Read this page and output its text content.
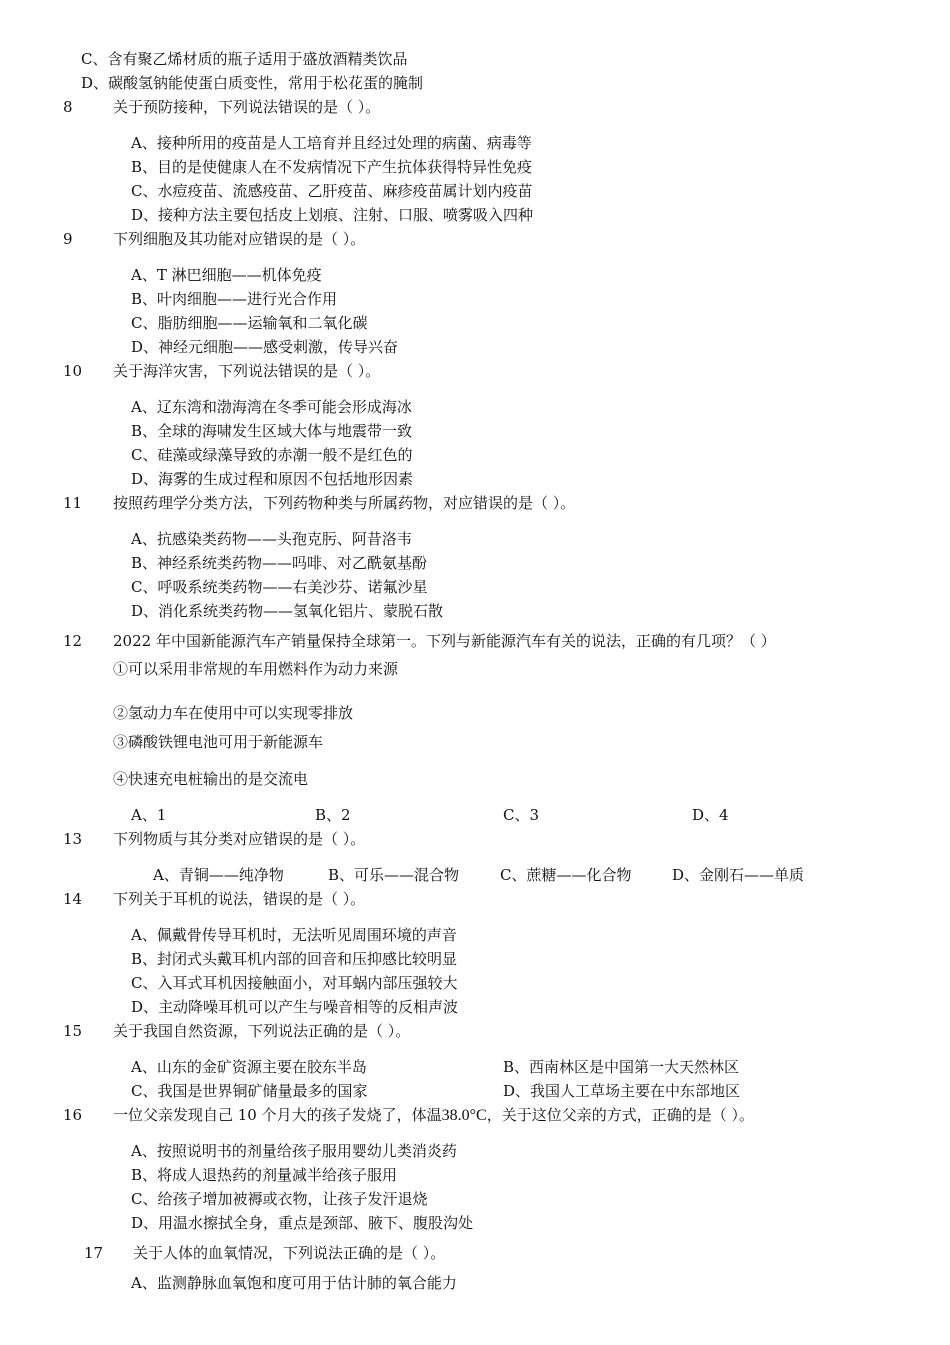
C、含有聚乙烯材质的瓶子适用于盛放酒精类饮品
D、碳酸氢钠能使蛋白质变性，常用于松花蛋的腌制
8	关于预防接种，下列说法错误的是（ ）。
A、接种所用的疫苗是人工培育并且经过处理的病菌、病毒等
B、目的是使健康人在不发病情况下产生抗体获得特异性免疫
C、水痘疫苗、流感疫苗、乙肝疫苗、麻疹疫苗属计划内疫苗
D、接种方法主要包括皮上划痕、注射、口服、喷雾吸入四种
9	下列细胞及其功能对应错误的是（ ）。
A、T 淋巴细胞——机体免疫
B、叶肉细胞——进行光合作用
C、脂肪细胞——运输氧和二氧化碳
D、神经元细胞——感受刺激，传导兴奋
10 关于海洋灾害，下列说法错误的是（ ）。
A、辽东湾和渤海湾在冬季可能会形成海冰
B、全球的海啸发生区域大体与地震带一致
C、硅藻或绿藻导致的赤潮一般不是红色的
D、海雾的生成过程和原因不包括地形因素
11 按照药理学分类方法，下列药物种类与所属药物，对应错误的是（ ）。
A、抗感染类药物——头孢克肟、阿昔洛韦
B、神经系统类药物——吗啡、对乙酰氨基酚
C、呼吸系统类药物——右美沙芬、诺氟沙星
D、消化系统类药物——氢氧化铝片、蒙脱石散
12 2022 年中国新能源汽车产销量保持全球第一。下列与新能源汽车有关的说法，正确的有几项？（ ）
①可以采用非常规的车用燃料作为动力来源
②氢动力车在使用中可以实现零排放
③磷酸铁锂电池可用于新能源车
④快速充电桩输出的是交流电
A、1	B、2	C、3	D、4
13 下列物质与其分类对应错误的是（ ）。
A、青铜——纯净物	B、可乐——混合物	C、蔗糖——化合物	D、金刚石——单质
14 下列关于耳机的说法，错误的是（ ）。
A、佩戴骨传导耳机时，无法听见周围环境的声音
B、封闭式头戴耳机内部的回音和压抑感比较明显
C、入耳式耳机因接触面小，对耳蜗内部压强较大
D、主动降噪耳机可以产生与噪音相等的反相声波
15 关于我国自然资源，下列说法正确的是（ ）。
A、山东的金矿资源主要在胶东半岛	B、西南林区是中国第一大天然林区
C、我国是世界铜矿储量最多的国家	D、我国人工草场主要在中东部地区
16 一位父亲发现自己 10 个月大的孩子发烧了，体温38.0°C，关于这位父亲的方式，正确的是（ ）。
A、按照说明书的剂量给孩子服用婴幼儿类消炎药
B、将成人退热药的剂量减半给孩子服用
C、给孩子增加被褥或衣物，让孩子发汗退烧
D、用温水擦拭全身，重点是颈部、腋下、腹股沟处
17 关于人体的血氧情况，下列说法正确的是（ ）。
A、监测静脉血氧饱和度可用于估计肺的氧合能力
